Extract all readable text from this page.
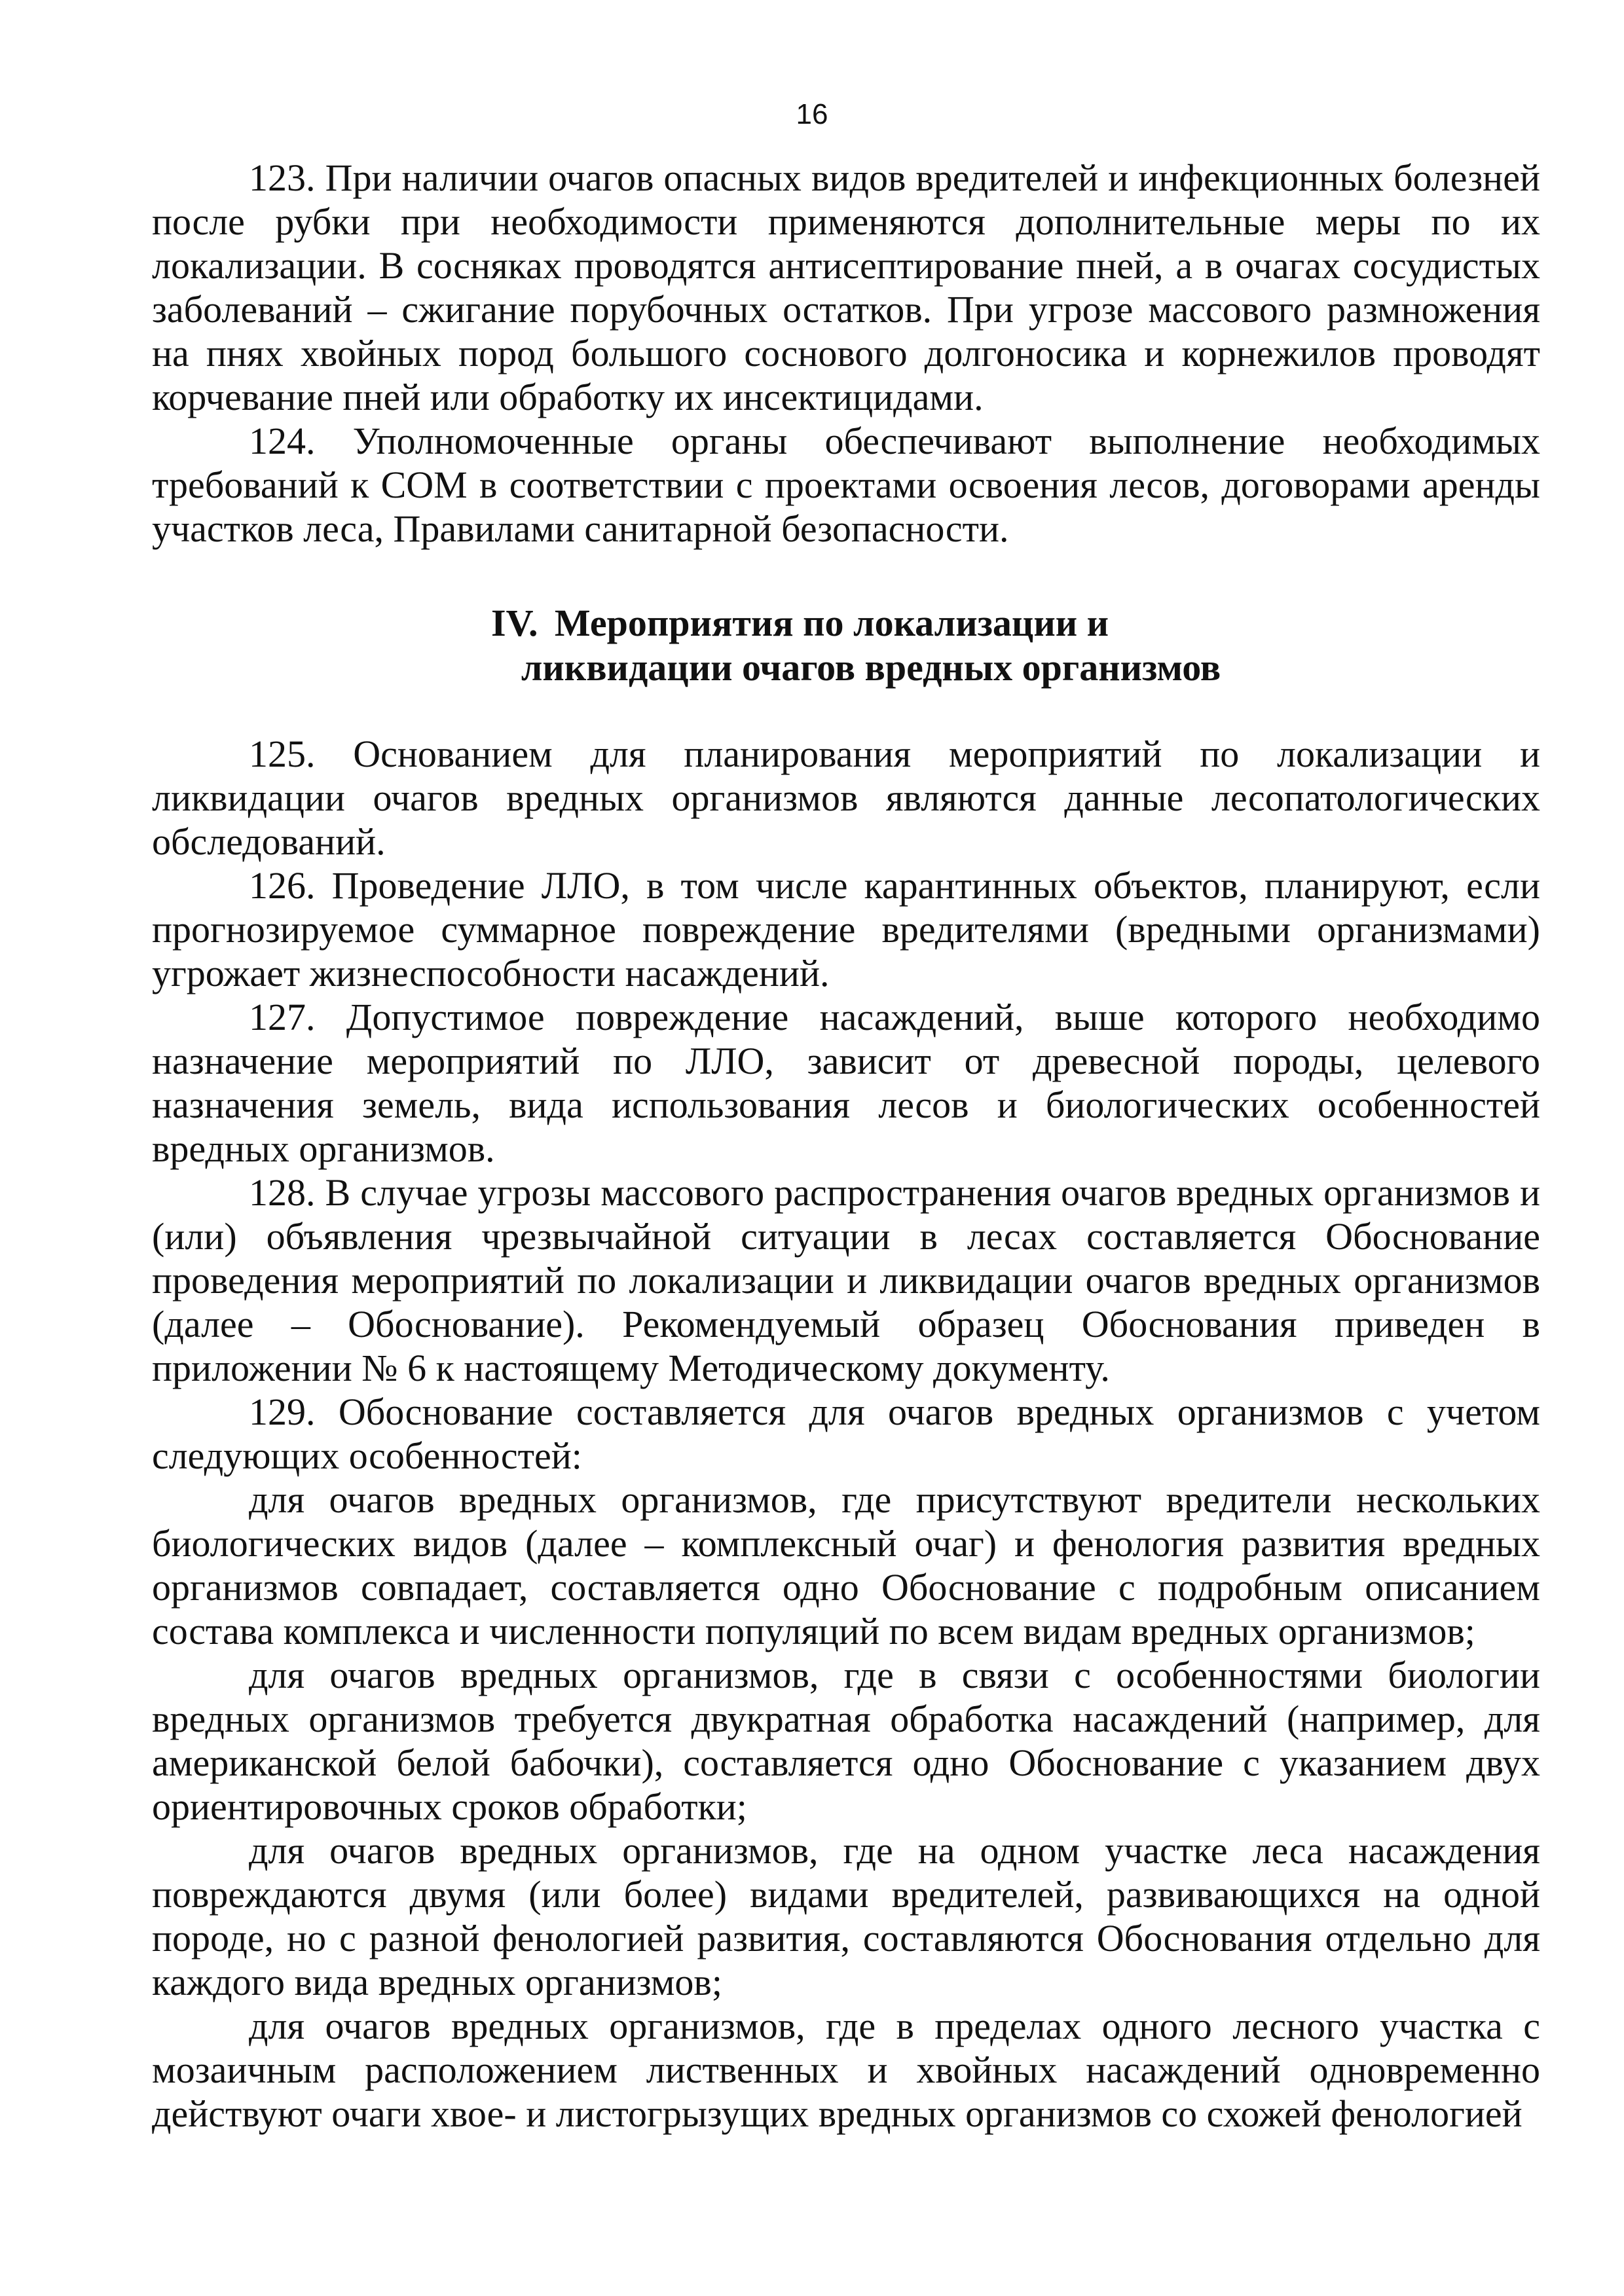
16

123. При наличии очагов опасных видов вредителей и инфекционных болезней после рубки при необходимости применяются дополнительные меры по их локализации. В сосняках проводятся антисептирование пней, а в очагах сосудистых заболеваний – сжигание порубочных остатков. При угрозе массового размножения на пнях хвойных пород большого соснового долгоносика и корнежилов проводят корчевание пней или обработку их инсектицидами.

124. Уполномоченные органы обеспечивают выполнение необходимых требований к СОМ в соответствии с проектами освоения лесов, договорами аренды участков леса, Правилами санитарной безопасности.

IV. Мероприятия по локализации и
ликвидации очагов вредных организмов

125. Основанием для планирования мероприятий по локализации и ликвидации очагов вредных организмов являются данные лесопатологических обследований.

126. Проведение ЛЛО, в том числе карантинных объектов, планируют, если прогнозируемое суммарное повреждение вредителями (вредными организмами) угрожает жизнеспособности насаждений.

127. Допустимое повреждение насаждений, выше которого необходимо назначение мероприятий по ЛЛО, зависит от древесной породы, целевого назначения земель, вида использования лесов и биологических особенностей вредных организмов.

128. В случае угрозы массового распространения очагов вредных организмов и (или) объявления чрезвычайной ситуации в лесах составляется Обоснование проведения мероприятий по локализации и ликвидации очагов вредных организмов (далее – Обоснование). Рекомендуемый образец Обоснования приведен в приложении № 6 к настоящему Методическому документу.

129. Обоснование составляется для очагов вредных организмов с учетом следующих особенностей:

для очагов вредных организмов, где присутствуют вредители нескольких биологических видов (далее – комплексный очаг) и фенология развития вредных организмов совпадает, составляется одно Обоснование с подробным описанием состава комплекса и численности популяций по всем видам вредных организмов;

для очагов вредных организмов, где в связи с особенностями биологии вредных организмов требуется двукратная обработка насаждений (например, для американской белой бабочки), составляется одно Обоснование с указанием двух ориентировочных сроков обработки;

для очагов вредных организмов, где на одном участке леса насаждения повреждаются двумя (или более) видами вредителей, развивающихся на одной породе, но с разной фенологией развития, составляются Обоснования отдельно для каждого вида вредных организмов;

для очагов вредных организмов, где в пределах одного лесного участка с мозаичным расположением лиственных и хвойных насаждений одновременно действуют очаги хвое- и листогрызущих вредных организмов со схожей фенологией
